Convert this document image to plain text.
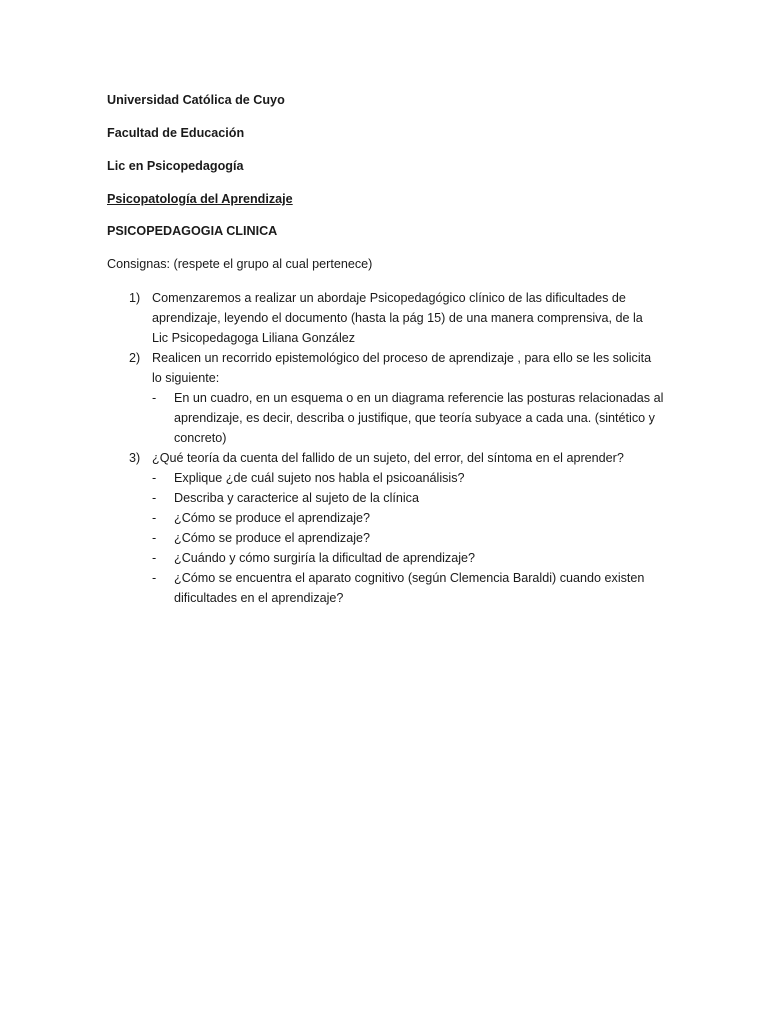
Universidad Católica de Cuyo
Facultad de Educación
Lic en Psicopedagogía
Psicopatología del Aprendizaje
PSICOPEDAGOGIA CLINICA
Consignas: (respete el grupo al cual pertenece)
1) Comenzaremos a realizar un abordaje Psicopedagógico clínico de las dificultades de
aprendizaje, leyendo el documento (hasta la pág 15) de una manera comprensiva, de la
Lic Psicopedagoga Liliana González
2) Realicen un recorrido epistemológico del proceso de aprendizaje , para ello se les solicita
lo siguiente:
- En un cuadro, en un esquema o en un diagrama referencie las posturas relacionadas al
aprendizaje, es decir, describa o justifique, que teoría subyace a cada una. (sintético y
concreto)
3) ¿Qué teoría da cuenta del fallido de un sujeto, del error, del síntoma en el aprender?
- Explique ¿de cuál sujeto nos habla el psicoanálisis?
- Describa y caracterice al sujeto de la clínica
- ¿Cómo se produce el aprendizaje?
- ¿Cómo se produce el aprendizaje?
- ¿Cuándo y cómo surgiría la dificultad de aprendizaje?
- ¿Cómo se encuentra el aparato cognitivo (según Clemencia Baraldi) cuando existen
dificultades en el aprendizaje?
